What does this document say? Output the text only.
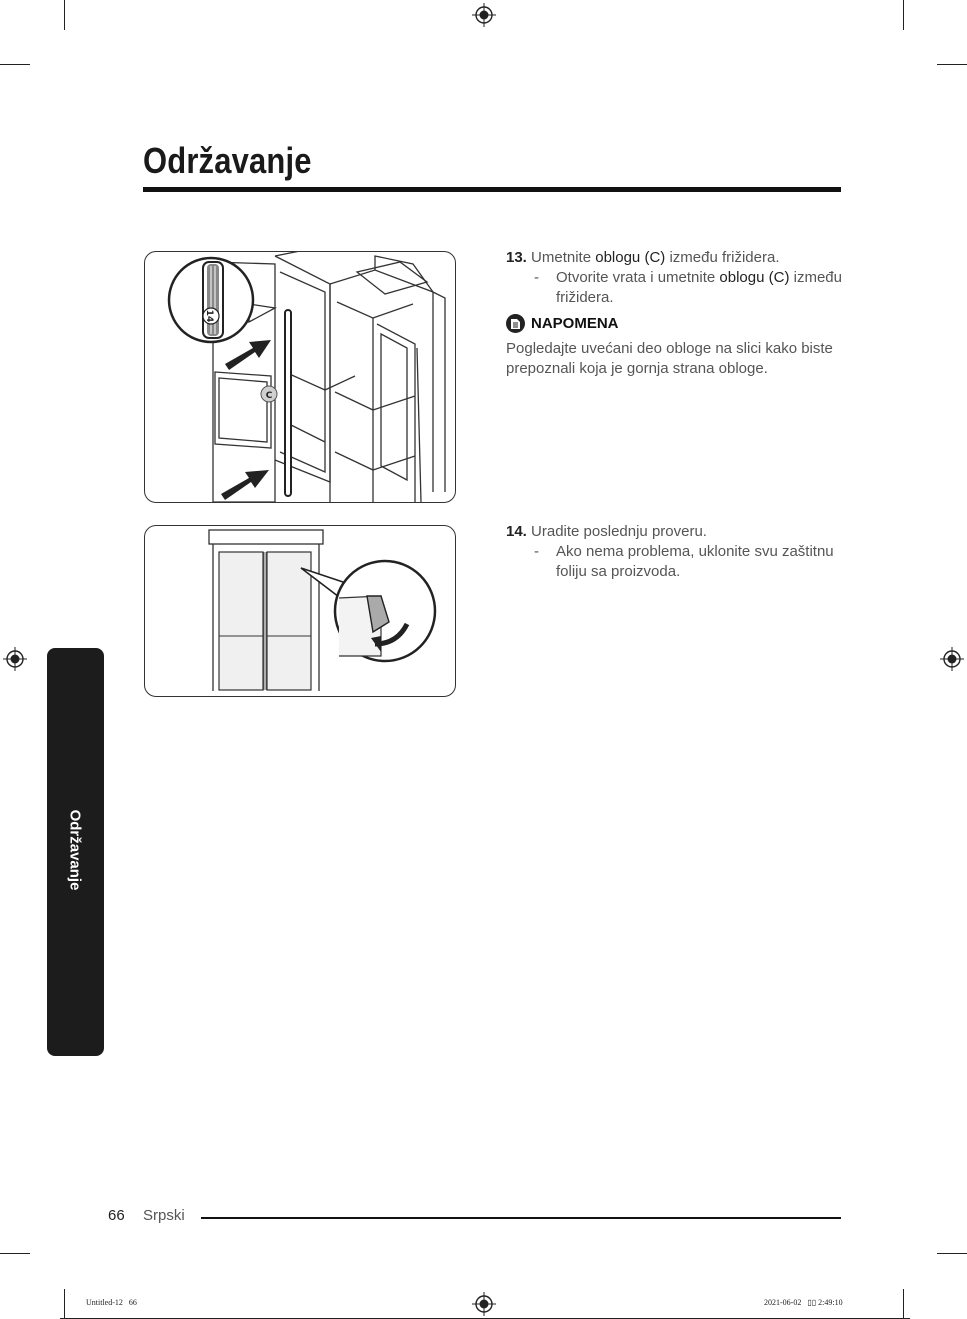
Održavanje
C
14
13. Umetnite oblogu (C) između frižidera.
- Otvorite vrata i umetnite oblogu (C) između frižidera.
NAPOMENA
Pogledajte uvećani deo obloge na slici kako biste prepoznali koja je gornja strana obloge.
14. Uradite poslednju proveru.
- Ako nema problema, uklonite svu zaštitnu foliju sa proizvoda.
Održavanje
66 Srpski
Untitled-12 66	2021-06-02 ▯▯ 2:49:10
